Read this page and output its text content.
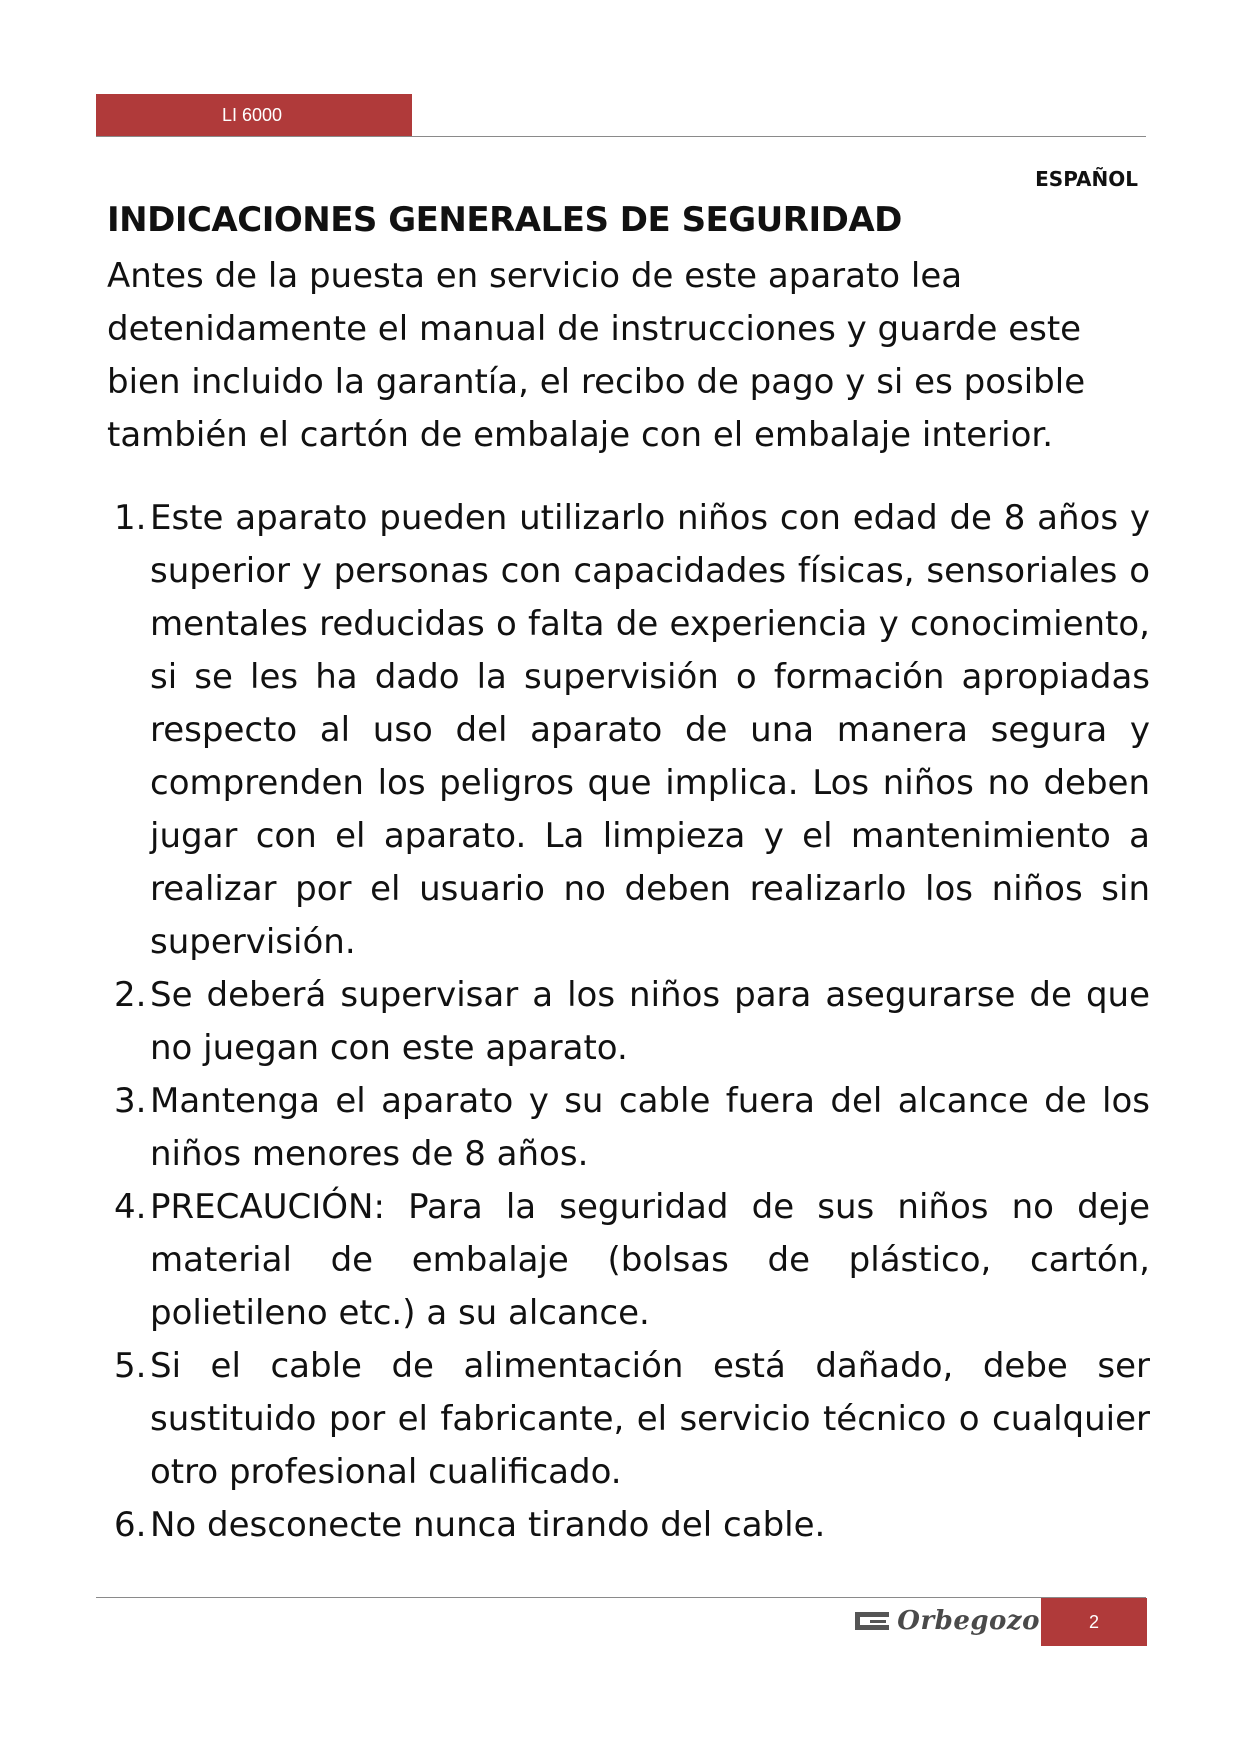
LI 6000
ESPAÑOL
INDICACIONES GENERALES DE SEGURIDAD

Antes de la puesta en servicio de este aparato lea
detenidamente el manual de instrucciones y guarde este
bien incluido la garantía, el recibo de pago y si es posible
también el cartón de embalaje con el embalaje interior.

1. Este aparato pueden utilizarlo niños con edad de 8 años y superior y personas con capacidades físicas, sensoriales o mentales reducidas o falta de experiencia y conocimiento, si se les ha dado la supervisión o formación apropiadas respecto al uso del aparato de una manera segura y comprenden los peligros que implica. Los niños no deben jugar con el aparato. La limpieza y el mantenimiento a realizar por el usuario no deben realizarlo los niños sin supervisión.
2. Se deberá supervisar a los niños para asegurarse de que no juegan con este aparato.
3. Mantenga el aparato y su cable fuera del alcance de los niños menores de 8 años.
4. PRECAUCIÓN: Para la seguridad de sus niños no deje material de embalaje (bolsas de plástico, cartón, polietileno etc.) a su alcance.
5. Si el cable de alimentación está dañado, debe ser sustituido por el fabricante, el servicio técnico o cualquier otro profesional cualificado.
6. No desconecte nunca tirando del cable.
Orbegozo	2
